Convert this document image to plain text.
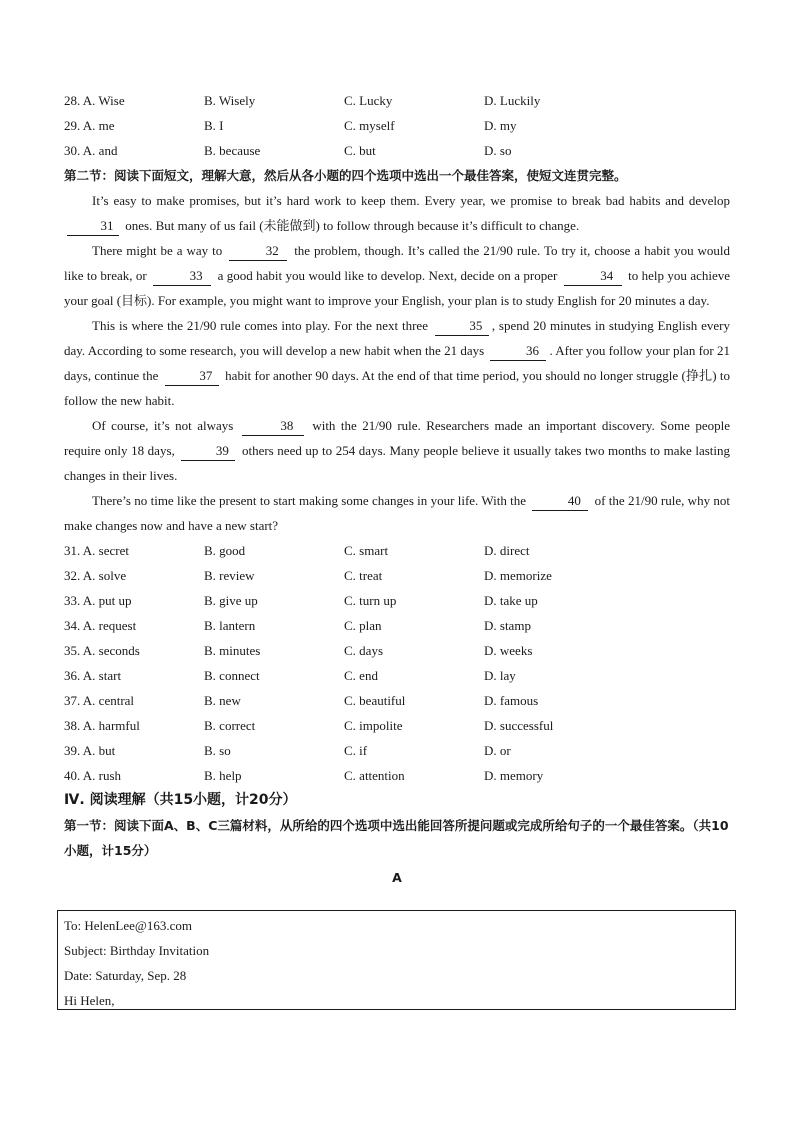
28. A. Wise	B. Wisely	C. Lucky	D. Luckily
29. A. me	B. I	C. myself	D. my
30. A. and	B. because	C. but	D. so
第二节：阅读下面短文，理解大意，然后从各小题的四个选项中选出一个最佳答案，使短文连贯完整。

It’s easy to make promises, but it’s hard work to keep them. Every year, we promise to break bad habits and develop 31 ones. But many of us fail (未能做到) to follow through because it’s difficult to change.

There might be a way to	32 the problem, though. It’s called the 21/90 rule. To try it, choose a habit you would like to break, or	33 a good habit you would like to develop. Next, decide on a proper	34 to help you achieve your goal (目标). For example, you might want to improve your English, your plan is to study English for 20 minutes a day.

This is where the 21/90 rule comes into play. For the next three	35 , spend 20 minutes in studying English every day. According to some research, you will develop a new habit when the 21 days	36 . After you follow your plan for 21 days, continue the	37 habit for another 90 days. At the end of that time period, you should no longer struggle (挣扎) to follow the new habit.

Of course, it’s not always	38 with the 21/90 rule. Researchers made an important discovery. Some people require only 18 days,	39 others need up to 254 days. Many people believe it usually takes two months to make lasting changes in their lives.

There’s no time like the present to start making some changes in your life. With the	40 of the 21/90 rule, why not make changes now and have a new start?

31. A. secret	B. good	C. smart	D. direct
32. A. solve	B. review	C. treat	D. memorize
33. A. put up	B. give up	C. turn up	D. take up
34. A. request	B. lantern	C. plan	D. stamp
35. A. seconds	B. minutes	C. days	D. weeks
36. A. start	B. connect	C. end	D. lay
37. A. central	B. new	C. beautiful	D. famous
38. A. harmful	B. correct	C. impolite	D. successful
39. A. but	B. so	C. if	D. or
40. A. rush	B. help	C. attention	D. memory
Ⅳ. 阅读理解（共15小题，计20分）
第一节：阅读下面A、B、C三篇材料，从所给的四个选项中选出能回答所提问题或完成所给句子的一个最佳答案。（共10小题，计15分）
A
To: HelenLee@163.com
Subject: Birthday Invitation
Date: Saturday, Sep. 28
Hi Helen,
